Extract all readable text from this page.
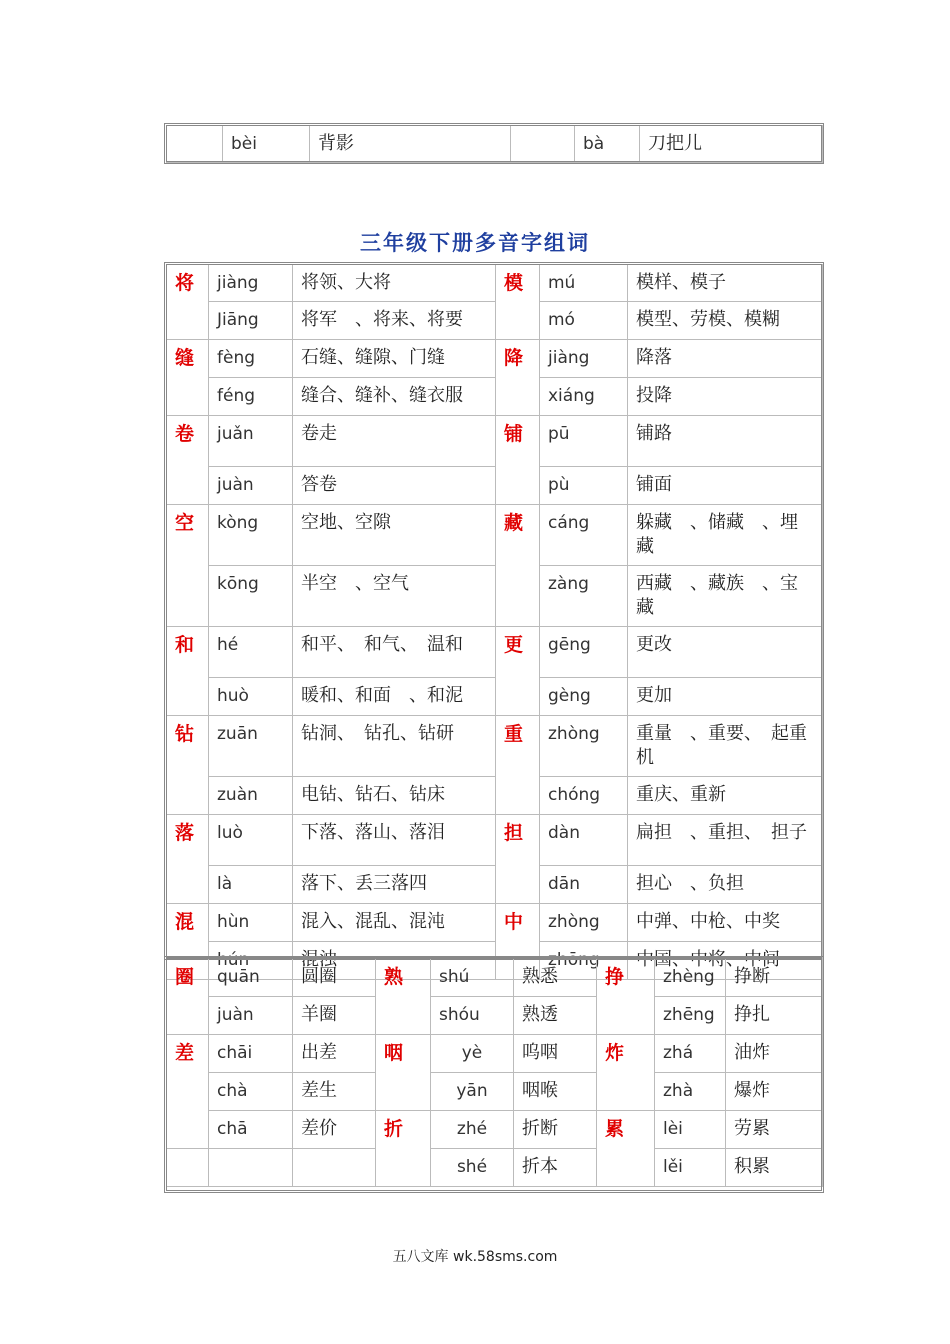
	bèi	背影		bà	刀把儿
三年级下册多音字组词
将	jiàng	将领、大将	模	mú	模样、模子
	Jiāng	将军　、将来、将要		mó	模型、劳模、模糊
缝	fèng	石缝、缝隙、门缝	降	jiàng	降落
	féng	缝合、缝补、缝衣服		xiáng	投降
卷	juǎn	卷走	铺	pū	铺路
	juàn	答卷		pù	铺面
空	kòng	空地、空隙	藏	cáng	躲藏　、储藏　、埋藏
	kōng	半空　、空气		zàng	西藏　、藏族　、宝藏
和	hé	和平、　和气、　温和	更	gēng	更改
	huò	暖和、和面　、和泥		gèng	更加
钻	zuān	钻洞、　钻孔、钻研	重	zhòng	重量　、重要、　起重机
	zuàn	电钻、钻石、钻床		chóng	重庆、重新
落	luò	下落、落山、落泪	担	dàn	扁担　、重担、　担子
	là	落下、丢三落四		dān	担心　、负担
混	hùn	混入、混乱、混沌	中	zhòng	中弹、中枪、中奖
	hún	混浊		zhōng	中国、中将、中间
圈	quān	圆圈	熟	shú	熟悉	挣	zhèng	挣断
	juàn	羊圈		shóu	熟透		zhēng	挣扎
差	chāi	出差	咽	yè	呜咽	炸	zhá	油炸
	chà	差生		yān	咽喉		zhà	爆炸
	chā	差价	折	zhé	折断	累	lèi	劳累
				shé	折本		lěi	积累
五八文库 wk.58sms.com
